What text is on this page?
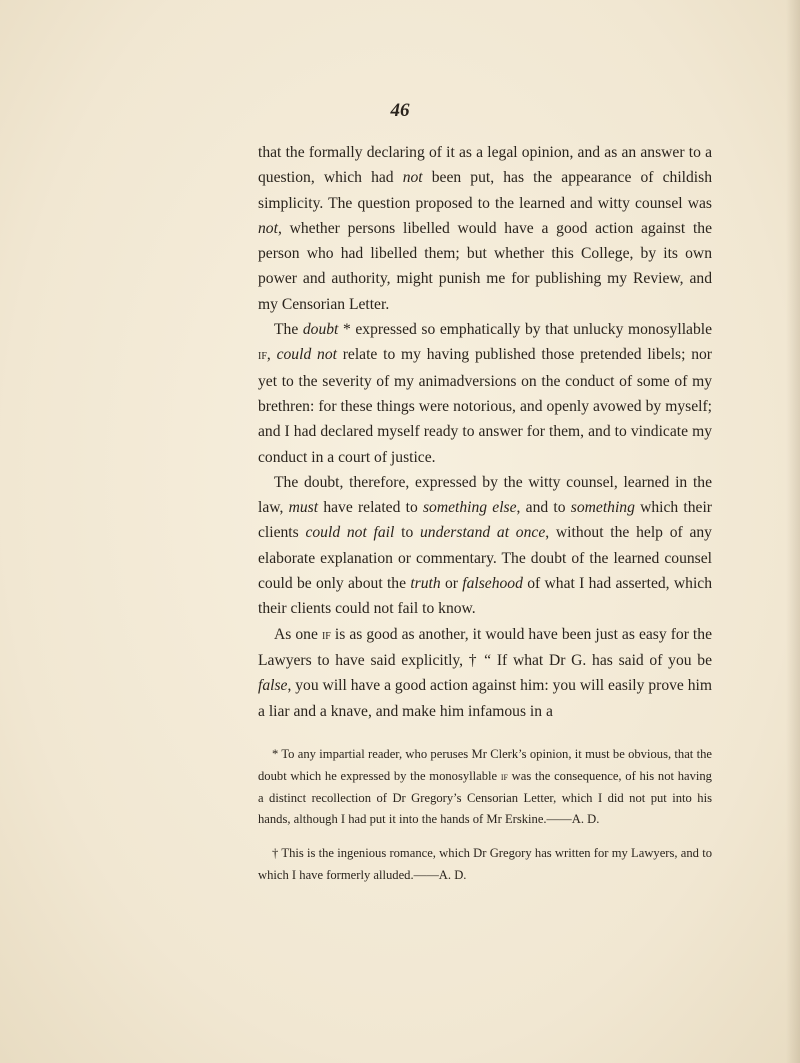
46

that the formally declaring of it as a legal opinion, and as an answer to a question, which had not been put, has the appearance of childish simplicity. The question proposed to the learned and witty counsel was not, whether persons libelled would have a good action against the person who had libelled them; but whether this College, by its own power and authority, might punish me for publishing my Review, and my Censorian Letter.

The doubt * expressed so emphatically by that unlucky monosyllable if, could not relate to my having published those pretended libels; nor yet to the severity of my animadversions on the conduct of some of my brethren: for these things were notorious, and openly avowed by myself; and I had declared myself ready to answer for them, and to vindicate my conduct in a court of justice.

The doubt, therefore, expressed by the witty counsel, learned in the law, must have related to something else, and to something which their clients could not fail to understand at once, without the help of any elaborate explanation or commentary. The doubt of the learned counsel could be only about the truth or falsehood of what I had asserted, which their clients could not fail to know.

As one if is as good as another, it would have been just as easy for the Lawyers to have said explicitly, † “ If what Dr G. has said of you be false, you will have a good action against him: you will easily prove him a liar and a knave, and make him infamous in a

* To any impartial reader, who peruses Mr Clerk’s opinion, it must be obvious, that the doubt which he expressed by the monosyllable if was the consequence, of his not having a distinct recollection of Dr Gregory’s Censorian Letter, which I did not put into his hands, although I had put it into the hands of Mr Erskine.——A. D.

† This is the ingenious romance, which Dr Gregory has written for my Lawyers, and to which I have formerly alluded.——A. D.
